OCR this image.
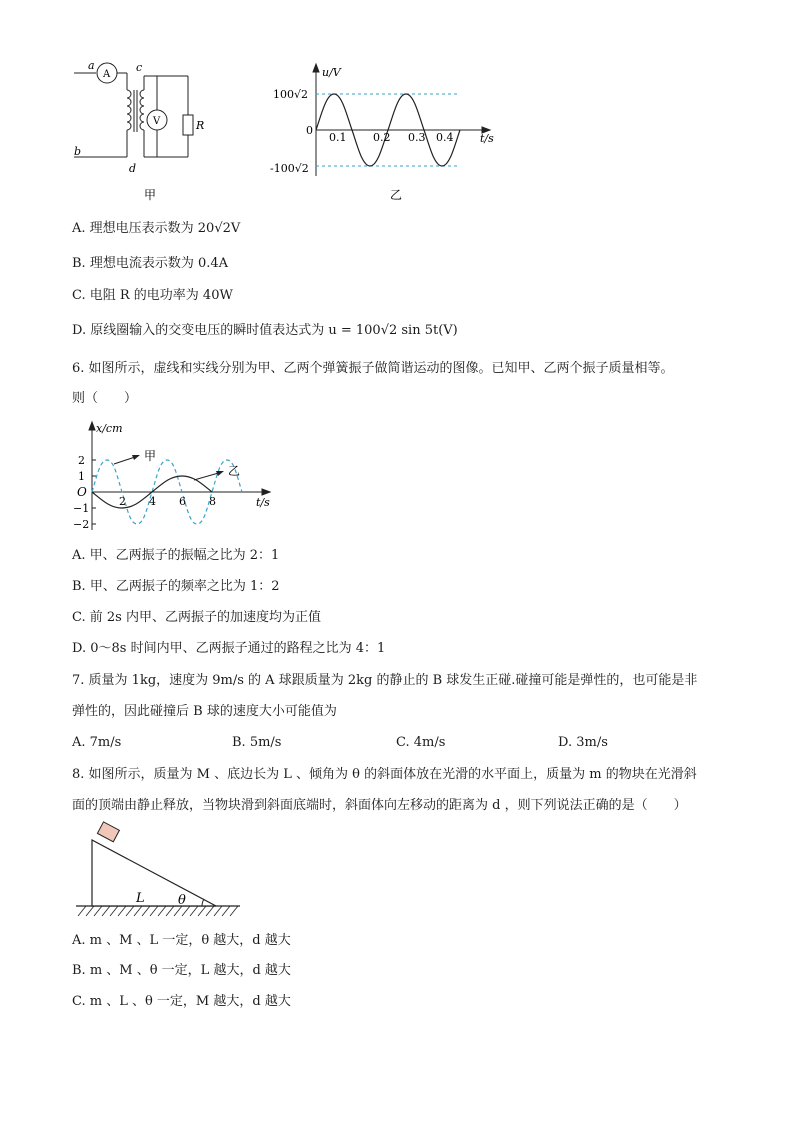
a
A
c
V	R
b
d
甲
u/V
100√2
0
0.1 0.2 0.3 0.4 t/s
-100√2
乙
A. 理想电压表示数为 20√2V
B. 理想电流表示数为 0.4A
C. 电阻 R 的电功率为 40W
D. 原线圈输入的交变电压的瞬时值表达式为 u = 100√2 sin 5t(V)
6. 如图所示，虚线和实线分别为甲、乙两个弹簧振子做简谐运动的图像。已知甲、乙两个振子质量相等。
则（　　）
x/cm
甲
乙
2
1
O
−1
−2
2 4 6 8	t/s
A. 甲、乙两振子的振幅之比为 2：1
B. 甲、乙两振子的频率之比为 1：2
C. 前 2s 内甲、乙两振子的加速度均为正值
D. 0～8s 时间内甲、乙两振子通过的路程之比为 4：1
7. 质量为 1kg，速度为 9m/s 的 A 球跟质量为 2kg 的静止的 B 球发生正碰.碰撞可能是弹性的，也可能是非
弹性的，因此碰撞后 B 球的速度大小可能值为
A. 7m/s	B. 5m/s	C. 4m/s	D. 3m/s
8. 如图所示，质量为 M 、底边长为 L 、倾角为 θ 的斜面体放在光滑的水平面上，质量为 m 的物块在光滑斜
面的顶端由静止释放，当物块滑到斜面底端时，斜面体向左移动的距离为 d ，则下列说法正确的是（　　）
L	θ
A. m 、M 、L 一定，θ 越大，d 越大
B. m 、M 、θ 一定，L 越大，d 越大
C. m 、L 、θ 一定，M 越大，d 越大
